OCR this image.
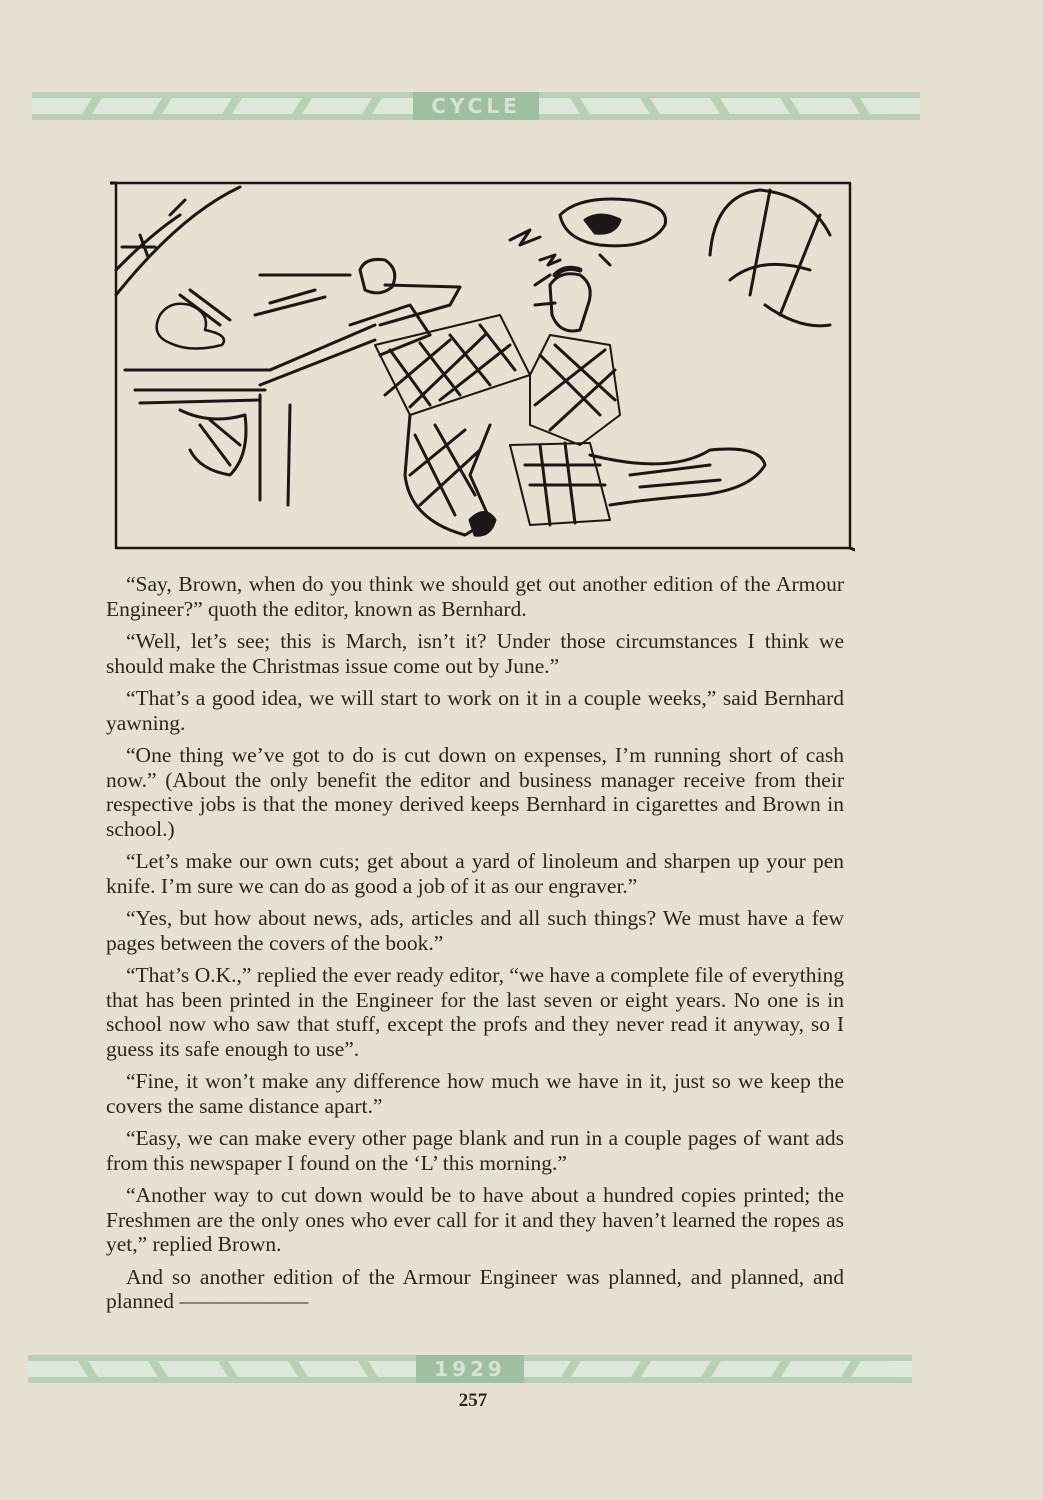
CYCLE

“Say, Brown, when do you think we should get out another edition of the Armour Engineer?” quoth the editor, known as Bernhard.

“Well, let’s see; this is March, isn’t it? Under those circumstances I think we should make the Christmas issue come out by June.”

“That’s a good idea, we will start to work on it in a couple weeks,” said Bernhard yawning.

“One thing we’ve got to do is cut down on expenses, I’m running short of cash now.” (About the only benefit the editor and business manager receive from their respective jobs is that the money derived keeps Bernhard in cigarettes and Brown in school.)

“Let’s make our own cuts; get about a yard of linoleum and sharpen up your pen knife. I’m sure we can do as good a job of it as our engraver.”

“Yes, but how about news, ads, articles and all such things? We must have a few pages between the covers of the book.”

“That’s O.K.,” replied the ever ready editor, “we have a complete file of everything that has been printed in the Engineer for the last seven or eight years. No one is in school now who saw that stuff, except the profs and they never read it anyway, so I guess its safe enough to use”.

“Fine, it won’t make any difference how much we have in it, just so we keep the covers the same distance apart.”

“Easy, we can make every other page blank and run in a couple pages of want ads from this newspaper I found on the ‘L’ this morning.”

“Another way to cut down would be to have about a hundred copies printed; the Freshmen are the only ones who ever call for it and they haven’t learned the ropes as yet,” replied Brown.

And so another edition of the Armour Engineer was planned, and planned, and planned ——————

1929
257
